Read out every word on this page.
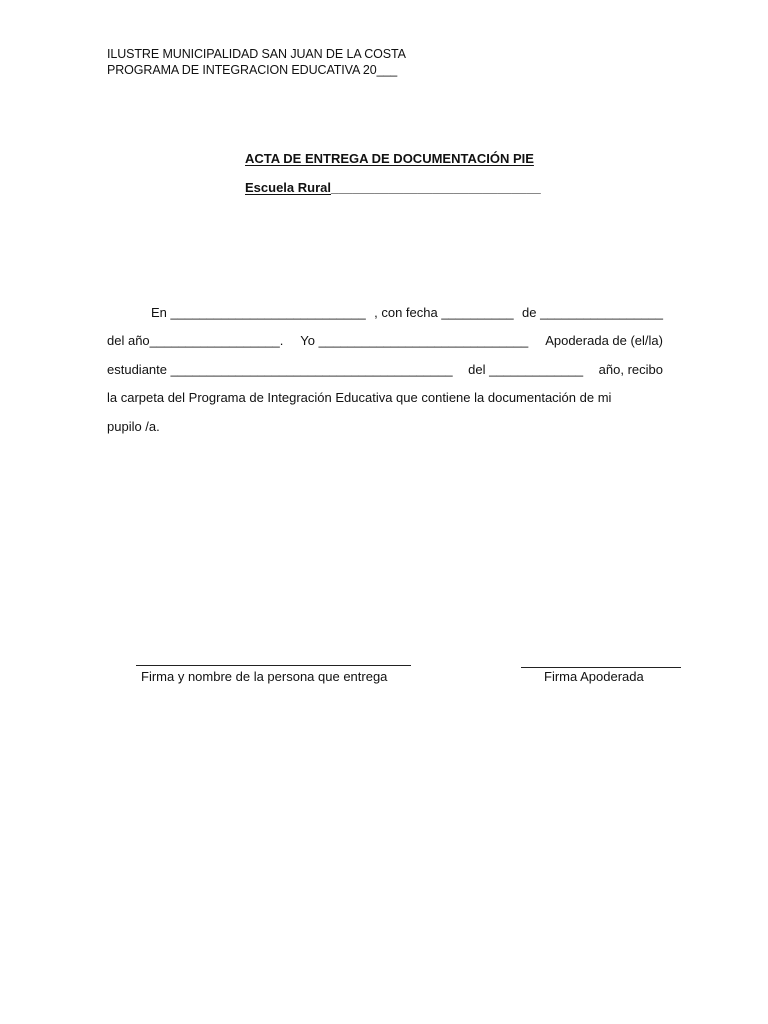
ILUSTRE MUNICIPALIDAD SAN JUAN DE LA COSTA
PROGRAMA DE INTEGRACION EDUCATIVA 20___
ACTA DE ENTREGA DE DOCUMENTACIÓN PIE
Escuela Rural_____________________________
En ___________________________ , con fecha __________ de _________________
del año__________________. Yo _____________________________ Apoderada de (el/la)
estudiante _______________________________________ del _____________ año, recibo
la carpeta del Programa de Integración Educativa que contiene la documentación de mi
pupilo /a.
Firma y nombre de la persona que entrega	Firma Apoderada
